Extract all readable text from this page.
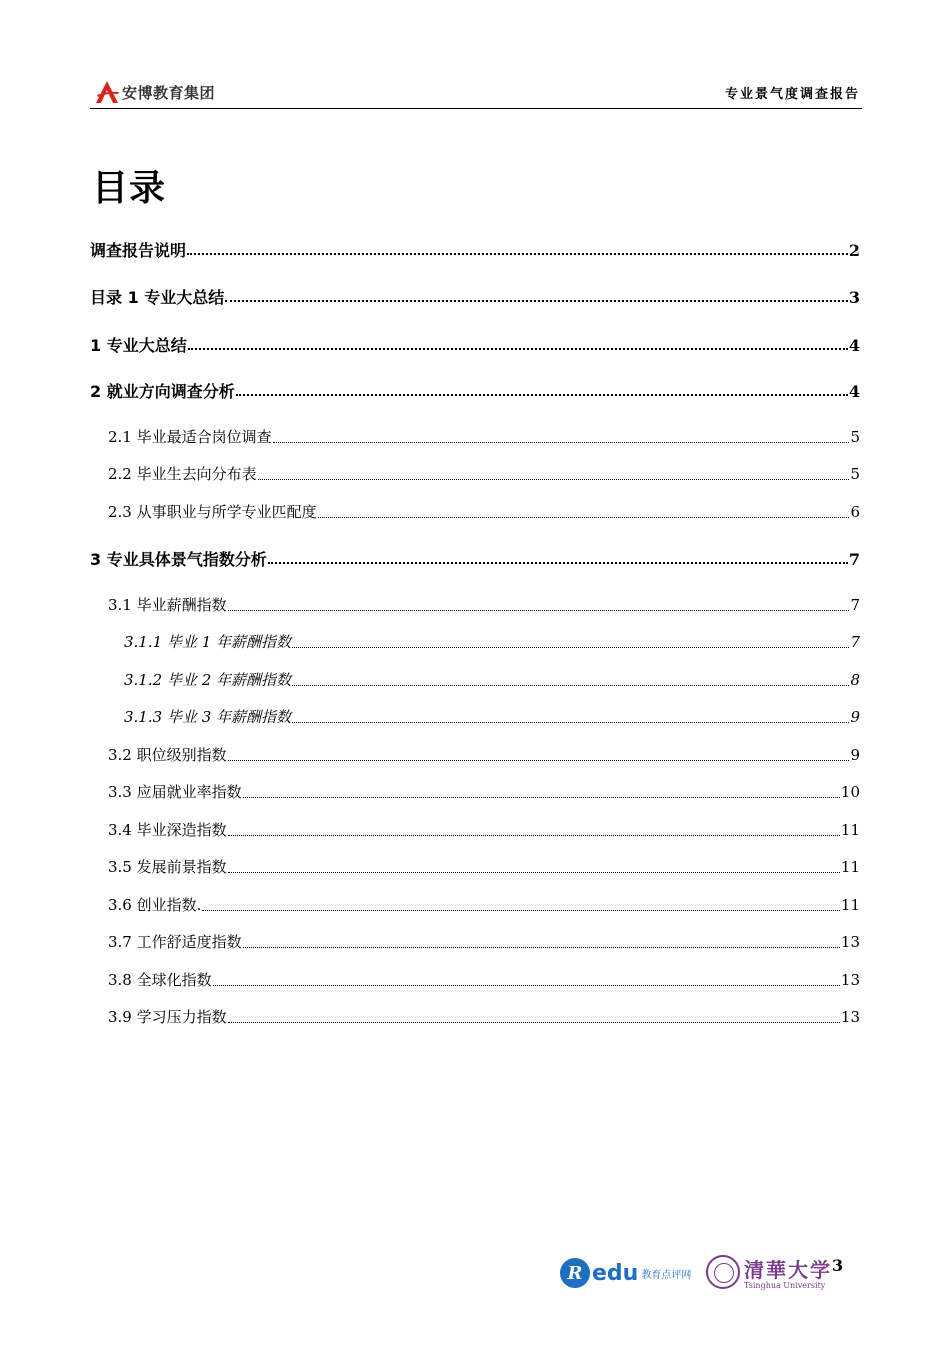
安博教育集团	专业景气度调查报告
目录
调查报告说明	2
目录 1 专业大总结	3
1 专业大总结	4
2 就业方向调查分析	4
2.1 毕业最适合岗位调查	5
2.2 毕业生去向分布表	5
2.3 从事职业与所学专业匹配度	6
3 专业具体景气指数分析	7
3.1 毕业薪酬指数	7
3.1.1 毕业 1 年薪酬指数	7
3.1.2 毕业 2 年薪酬指数	8
3.1.3 毕业 3 年薪酬指数	9
3.2 职位级别指数	9
3.3 应届就业率指数	10
3.4 毕业深造指数	11
3.5 发展前景指数	11
3.6 创业指数.	11
3.7 工作舒适度指数	13
3.8 全球化指数	13
3.9 学习压力指数	13
R edu 教育点评网	清華大学
Tsinghua University
3
